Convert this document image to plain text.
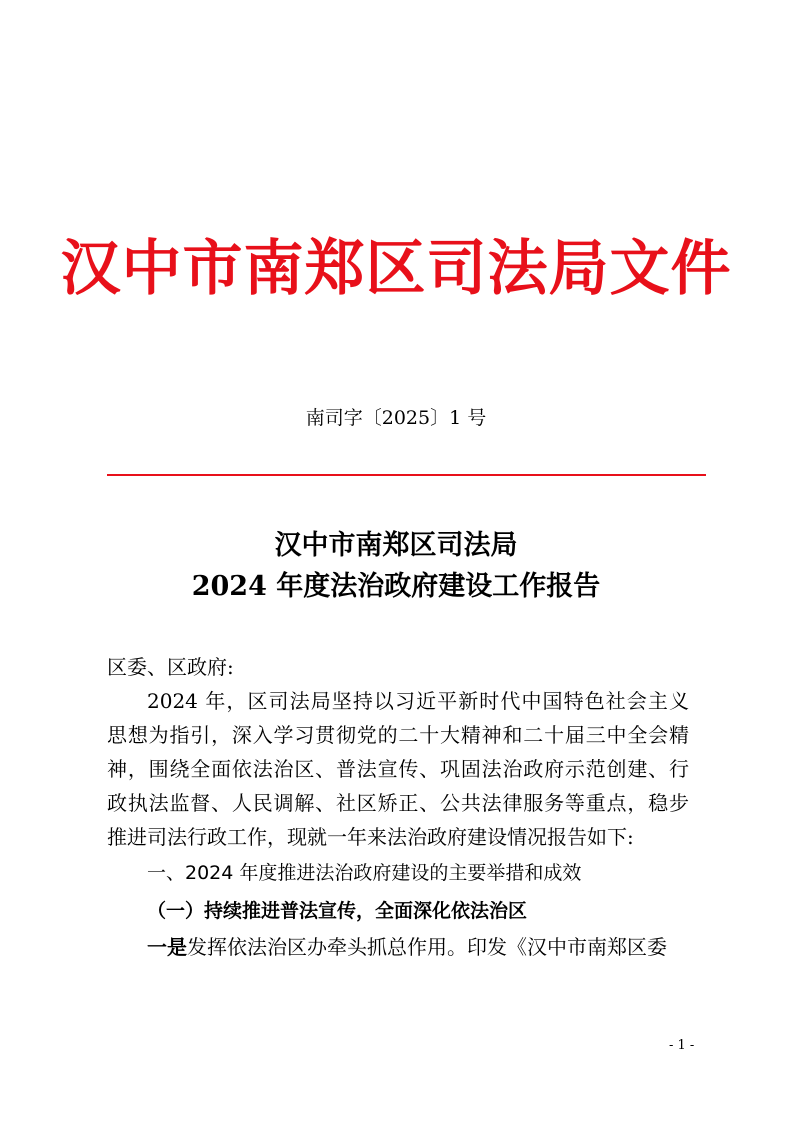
汉中市南郑区司法局文件
南司字〔2025〕1 号
汉中市南郑区司法局
2024 年度法治政府建设工作报告
区委、区政府:
2024 年，区司法局坚持以习近平新时代中国特色社会主义
思想为指引，深入学习贯彻党的二十大精神和二十届三中全会精
神，围绕全面依法治区、普法宣传、巩固法治政府示范创建、行
政执法监督、人民调解、社区矫正、公共法律服务等重点，稳步
推进司法行政工作，现就一年来法治政府建设情况报告如下:
一、2024 年度推进法治政府建设的主要举措和成效
（一）持续推进普法宣传，全面深化依法治区
一是发挥依法治区办牵头抓总作用。印发《汉中市南郑区委
- 1 -
